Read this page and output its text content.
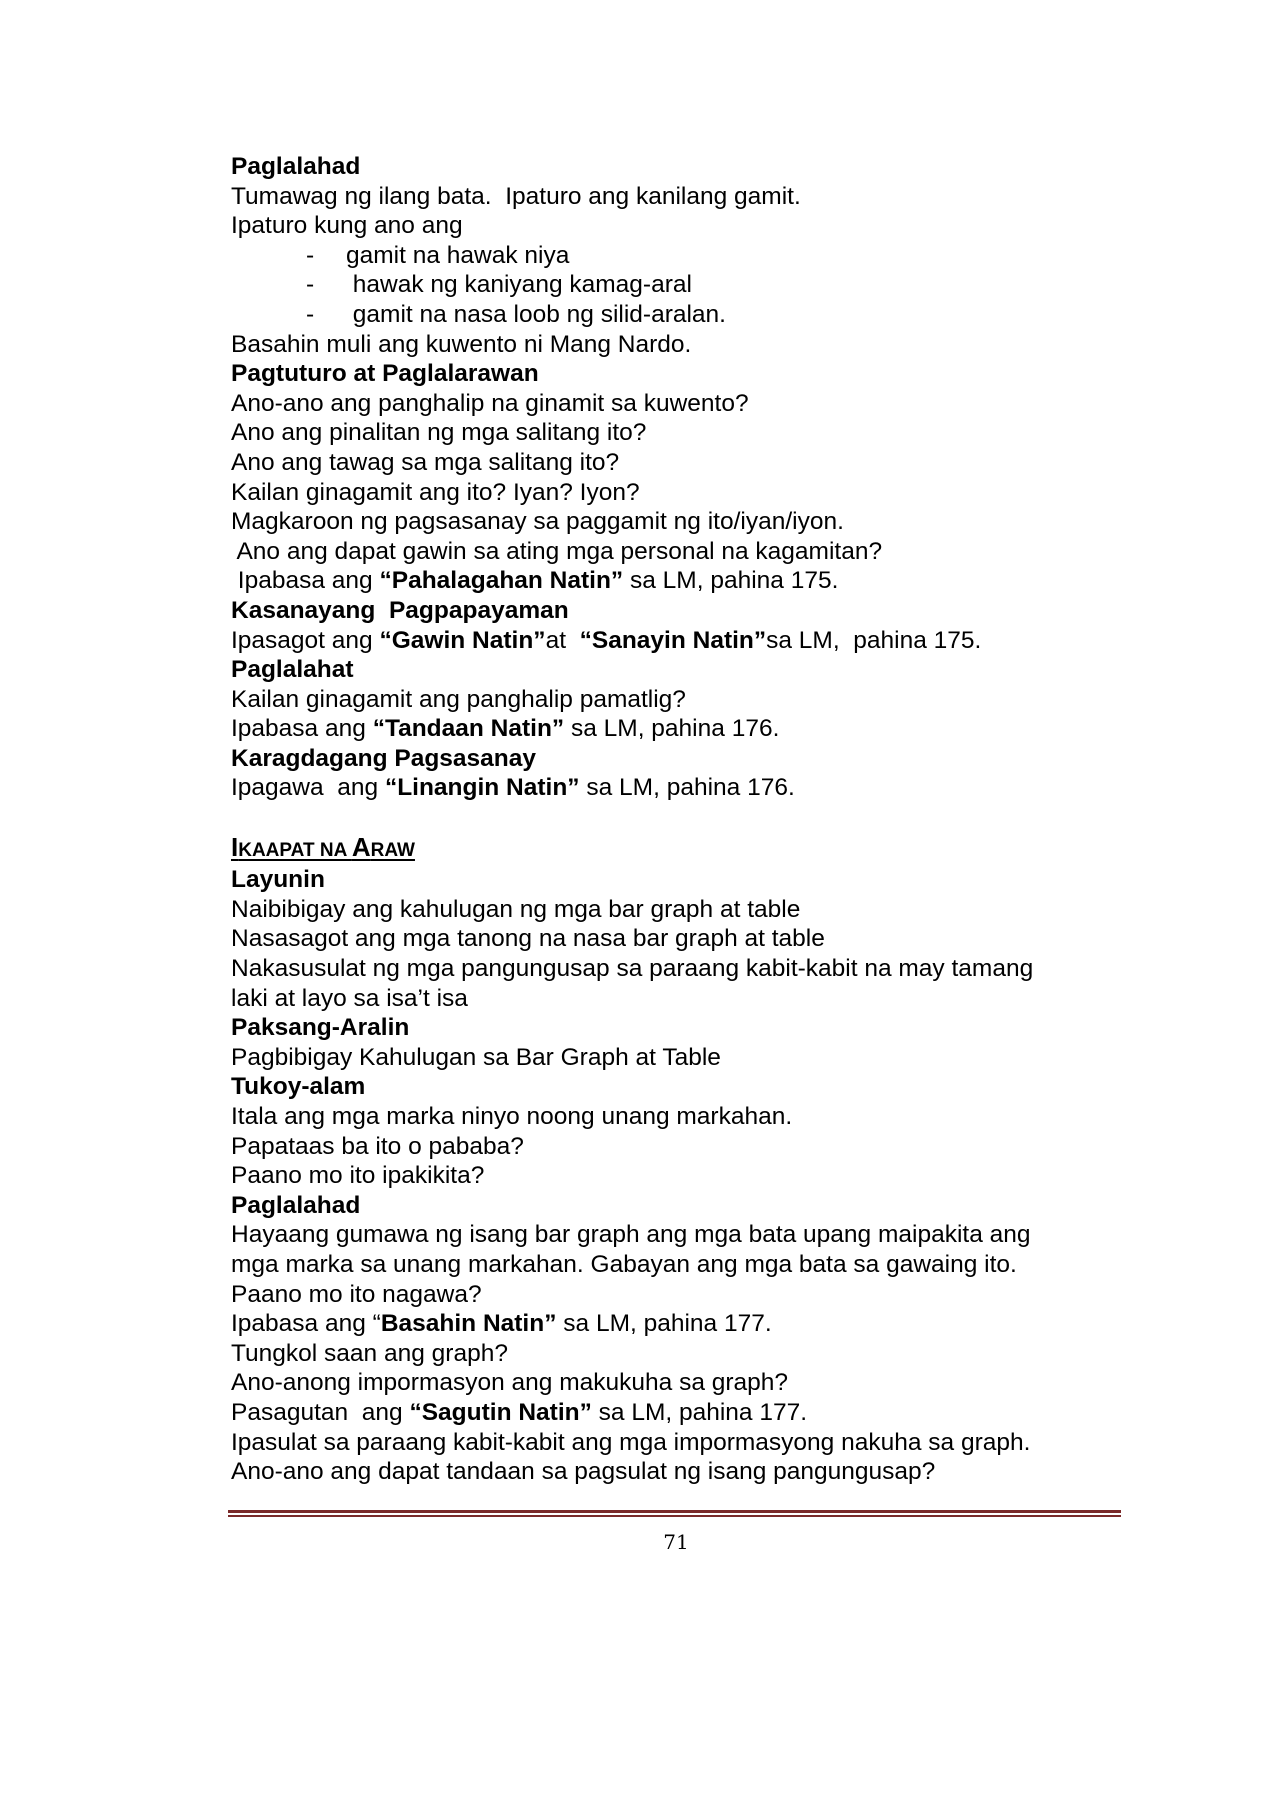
Paglalahad
Tumawag ng ilang bata.  Ipaturo ang kanilang gamit.
Ipaturo kung ano ang
- gamit na hawak niya
- hawak ng kaniyang kamag-aral
- gamit na nasa loob ng silid-aralan.
Basahin muli ang kuwento ni Mang Nardo.
Pagtuturo at Paglalarawan
Ano-ano ang panghalip na ginamit sa kuwento?
Ano ang pinalitan ng mga salitang ito?
Ano ang tawag sa mga salitang ito?
Kailan ginagamit ang ito? Iyan? Iyon?
Magkaroon ng pagsasanay sa paggamit ng ito/iyan/iyon.
Ano ang dapat gawin sa ating mga personal na kagamitan?
Ipabasa ang “Pahalagahan Natin” sa LM, pahina 175.
Kasanayang  Pagpapayaman
Ipasagot ang “Gawin Natin”at  “Sanayin Natin”sa LM,  pahina 175.
Paglalahat
Kailan ginagamit ang panghalip pamatlig?
Ipabasa ang “Tandaan Natin” sa LM, pahina 176.
Karagdagang Pagsasanay
Ipagawa  ang “Linangin Natin” sa LM, pahina 176.
IKAAPAT NA ARAW
Layunin
Naibibigay ang kahulugan ng mga bar graph at table
Nasasagot ang mga tanong na nasa bar graph at table
Nakasusulat ng mga pangungusap sa paraang kabit-kabit na may tamang
laki at layo sa isa’t isa
Paksang-Aralin
Pagbibigay Kahulugan sa Bar Graph at Table
Tukoy-alam
Itala ang mga marka ninyo noong unang markahan.
Papataas ba ito o pababa?
Paano mo ito ipakikita?
Paglalahad
Hayaang gumawa ng isang bar graph ang mga bata upang maipakita ang
mga marka sa unang markahan. Gabayan ang mga bata sa gawaing ito.
Paano mo ito nagawa?
Ipabasa ang “Basahin Natin” sa LM, pahina 177.
Tungkol saan ang graph?
Ano-anong impormasyon ang makukuha sa graph?
Pasagutan  ang “Sagutin Natin” sa LM, pahina 177.
Ipasulat sa paraang kabit-kabit ang mga impormasyong nakuha sa graph.
Ano-ano ang dapat tandaan sa pagsulat ng isang pangungusap?
71
